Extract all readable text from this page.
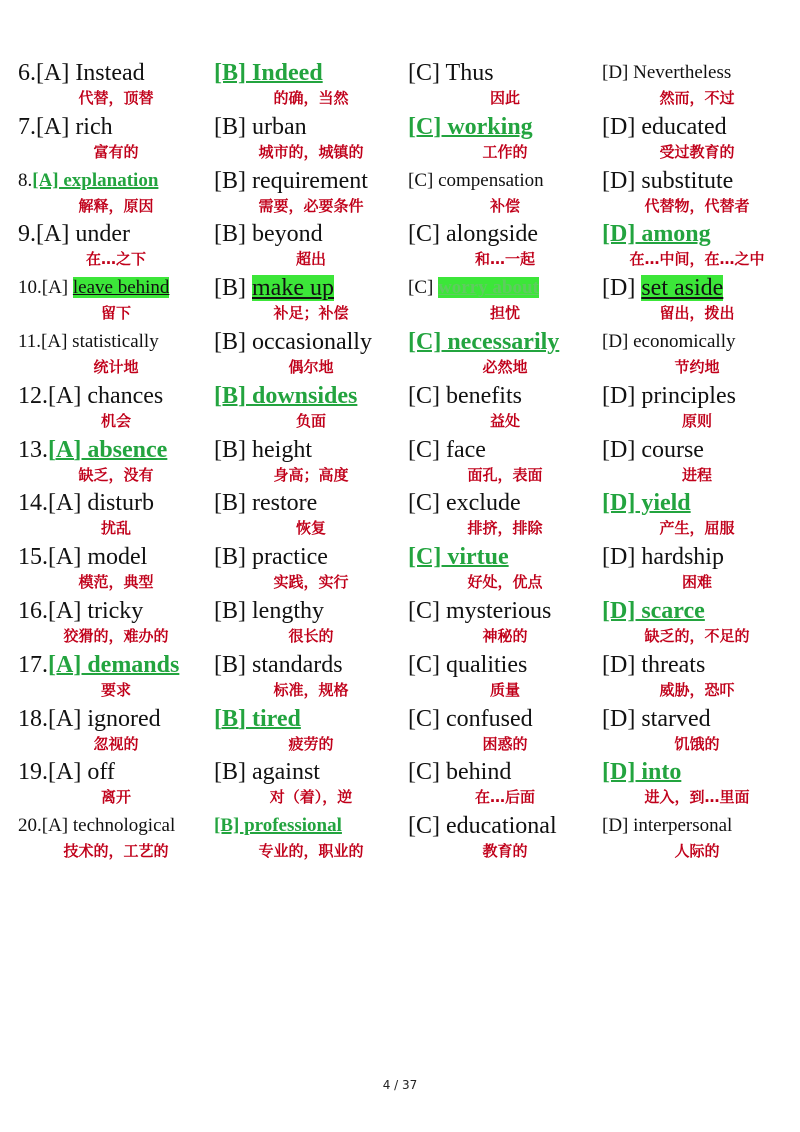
6.[A] Instead
代替，顶替
[B] Indeed
的确，当然
[C] Thus
因此
[D] Nevertheless
然而，不过
7.[A] rich
富有的
[B] urban
城市的，城镇的
[C] working
工作的
[D] educated
受过教育的
8.[A] explanation
解释，原因
[B] requirement
需要，必要条件
[C] compensation
补偿
[D] substitute
代替物，代替者
9.[A] under
在…之下
[B] beyond
超出
[C] alongside
和…一起
[D] among
在…中间，在…之中
10.[A] leave behind
留下
[B] make up
补足；补偿
[C] worry about
担忧
[D] set aside
留出，拨出
11.[A] statistically
统计地
[B] occasionally
偶尔地
[C] necessarily
必然地
[D] economically
节约地
12.[A] chances
机会
[B] downsides
负面
[C] benefits
益处
[D] principles
原则
13.[A] absence
缺乏，没有
[B] height
身高；高度
[C] face
面孔，表面
[D] course
进程
14.[A] disturb
扰乱
[B] restore
恢复
[C] exclude
排挤，排除
[D] yield
产生，屈服
15.[A] model
模范，典型
[B] practice
实践，实行
[C] virtue
好处，优点
[D] hardship
困难
16.[A] tricky
狡猾的，难办的
[B] lengthy
很长的
[C] mysterious
神秘的
[D] scarce
缺乏的，不足的
17.[A] demands
要求
[B] standards
标准，规格
[C] qualities
质量
[D] threats
威胁，恐吓
18.[A] ignored
忽视的
[B] tired
疲劳的
[C] confused
困惑的
[D] starved
饥饿的
19.[A] off
离开
[B] against
对（着），逆
[C] behind
在…后面
[D] into
进入，到…里面
20.[A] technological
技术的，工艺的
[B] professional
专业的，职业的
[C] educational
教育的
[D] interpersonal
人际的
4 / 37
